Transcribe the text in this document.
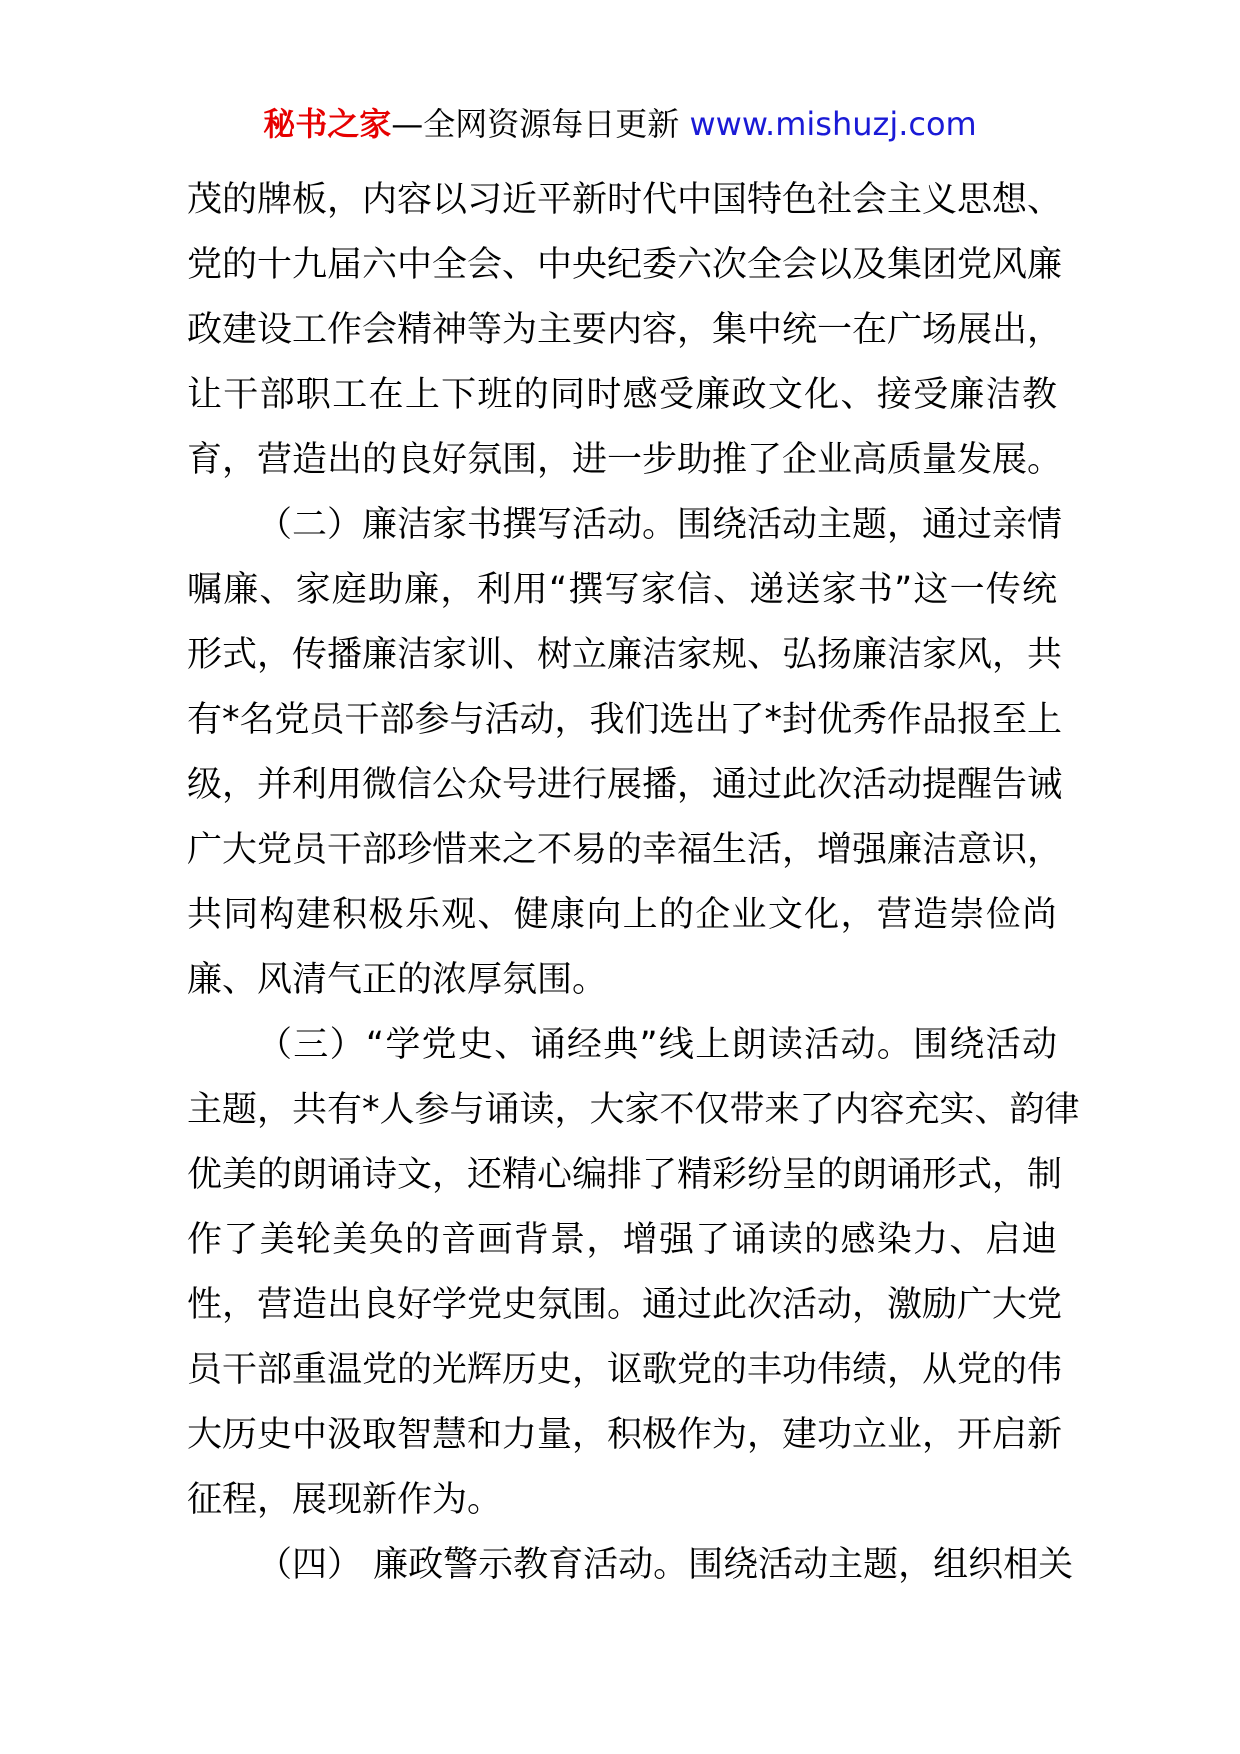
秘书之家—全网资源每日更新 www.mishuzj.com
茂的牌板，内容以习近平新时代中国特色社会主义思想、
党的十九届六中全会、中央纪委六次全会以及集团党风廉
政建设工作会精神等为主要内容，集中统一在广场展出，
让干部职工在上下班的同时感受廉政文化、接受廉洁教
育，营造出的良好氛围，进一步助推了企业高质量发展。
（二）廉洁家书撰写活动。围绕活动主题，通过亲情
嘱廉、家庭助廉，利用“撰写家信、递送家书”这一传统
形式，传播廉洁家训、树立廉洁家规、弘扬廉洁家风，共
有*名党员干部参与活动，我们选出了*封优秀作品报至上
级，并利用微信公众号进行展播，通过此次活动提醒告诫
广大党员干部珍惜来之不易的幸福生活，增强廉洁意识，
共同构建积极乐观、健康向上的企业文化，营造崇俭尚
廉、风清气正的浓厚氛围。
（三）“学党史、诵经典”线上朗读活动。围绕活动
主题，共有*人参与诵读，大家不仅带来了内容充实、韵律
优美的朗诵诗文，还精心编排了精彩纷呈的朗诵形式，制
作了美轮美奂的音画背景，增强了诵读的感染力、启迪
性，营造出良好学党史氛围。通过此次活动，激励广大党
员干部重温党的光辉历史，讴歌党的丰功伟绩，从党的伟
大历史中汲取智慧和力量，积极作为，建功立业，开启新
征程，展现新作为。
（四） 廉政警示教育活动。围绕活动主题，组织相关
